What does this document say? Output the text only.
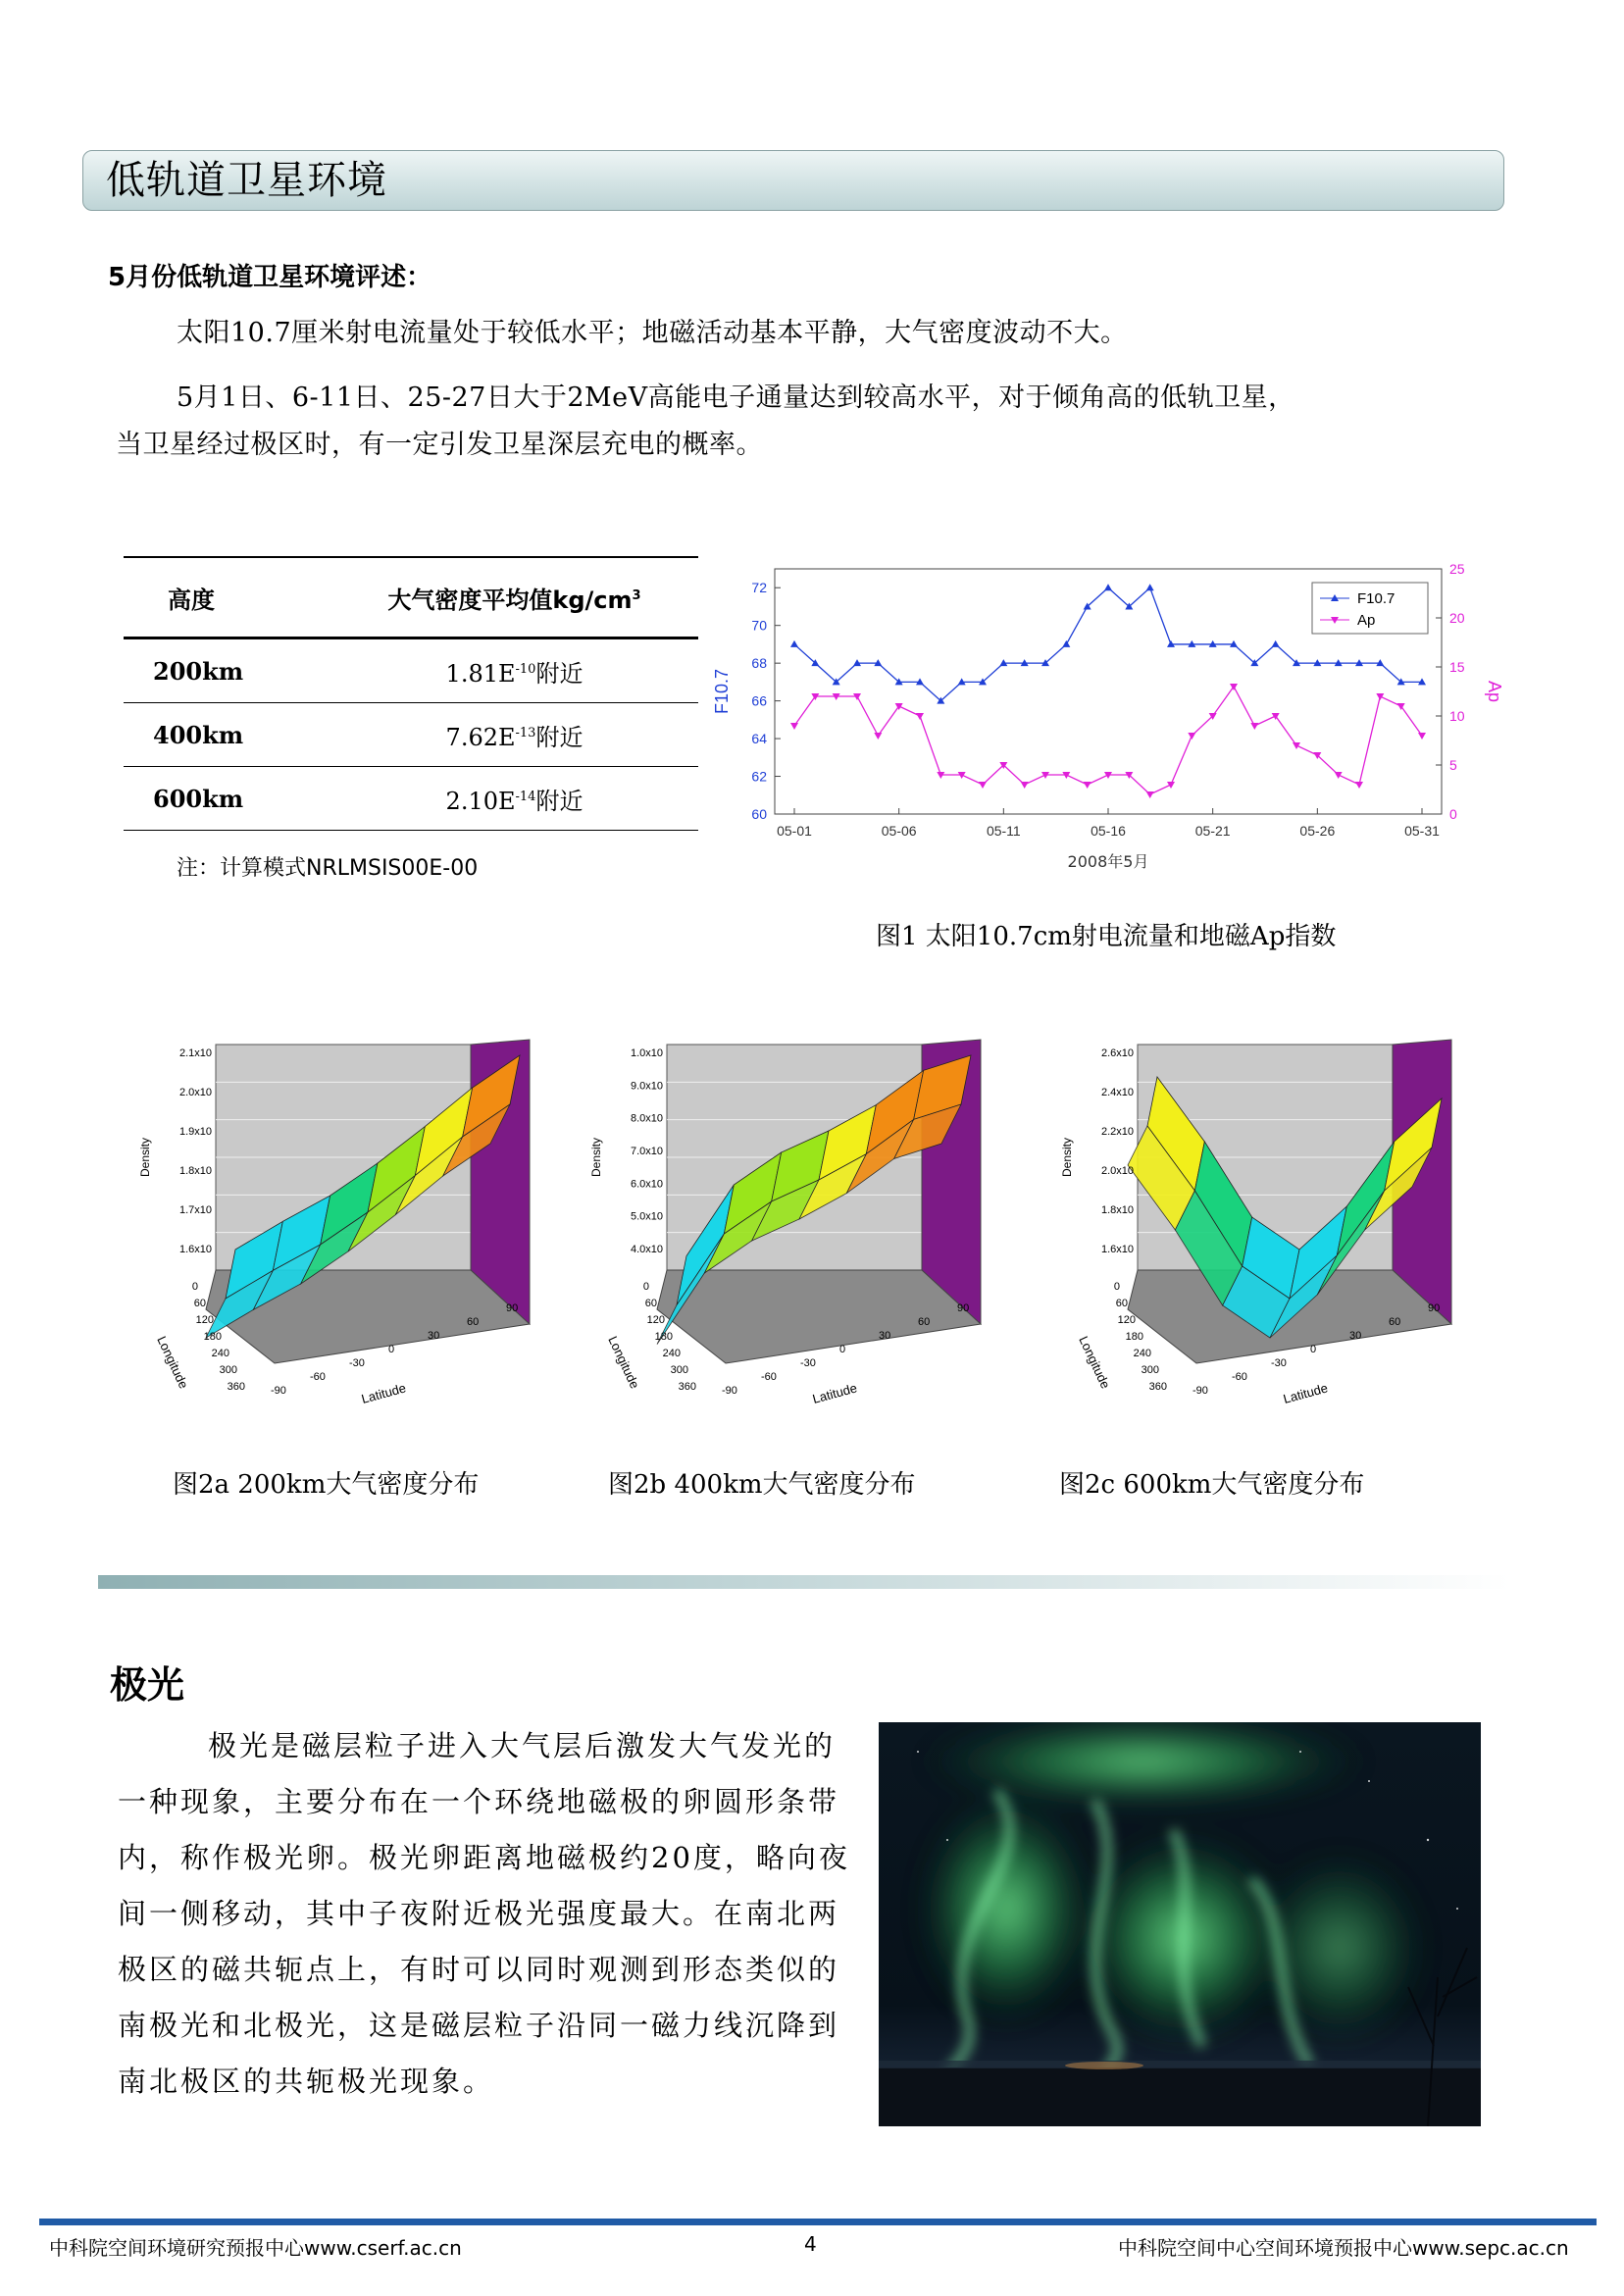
低轨道卫星环境
5月份低轨道卫星环境评述：
太阳10.7厘米射电流量处于较低水平；地磁活动基本平静，大气密度波动不大。
5月1日、6-11日、25-27日大于2MeV高能电子通量达到较高水平，对于倾角高的低轨卫星，
当卫星经过极区时，有一定引发卫星深层充电的概率。
高度	大气密度平均值$kg/cm^3$
200km	$1.81E^{-10}$附近
400km	$7.62E^{-13}$附近
600km	$2.10E^{-14}$附近
注：计算模式NRLMSIS00E-00
60
62
64
66
68
70
72
0
5
10
15
20
25
05-01	05-06	05-11	05-16	05-21	05-26	05-31
2008年5月
F10.7	Ap
F10.7
Ap
图1 太阳10.7cm射电流量和地磁Ap指数
2.1x10
2.0x10
1.9x10
1.8x10
1.7x10
1.6x10
Density
0
60
120
180
240
300
360
Longitude	-90
-60
-30
0
30
60
90
Latitude
1.0x10
9.0x10
8.0x10
7.0x10
6.0x10
5.0x10
4.0x10
Density
0
60
120
180
240
300
360
Longitude	-90
-60
-30
0
30
60
90
Latitude
2.6x10
2.4x10
2.2x10
2.0x10
1.8x10
1.6x10
Density
0
60
120
180
240
300
360
Longitude	-90
-60
-30
0
30
60
90
Latitude
图2a 200km大气密度分布	图2b 400km大气密度分布	图2c 600km大气密度分布
极光
极光是磁层粒子进入大气层后激发大气发光的一种现象，主要分布在一个环绕地磁极的卵圆形条带内，称作极光卵。极光卵距离地磁极约20度，略向夜间一侧移动，其中子夜附近极光强度最大。在南北两极区的磁共轭点上，有时可以同时观测到形态类似的南极光和北极光，这是磁层粒子沿同一磁力线沉降到南北极区的共轭极光现象。
中科院空间环境研究预报中心www.cserf.ac.cn	4	中科院空间中心空间环境预报中心www.sepc.ac.cn
